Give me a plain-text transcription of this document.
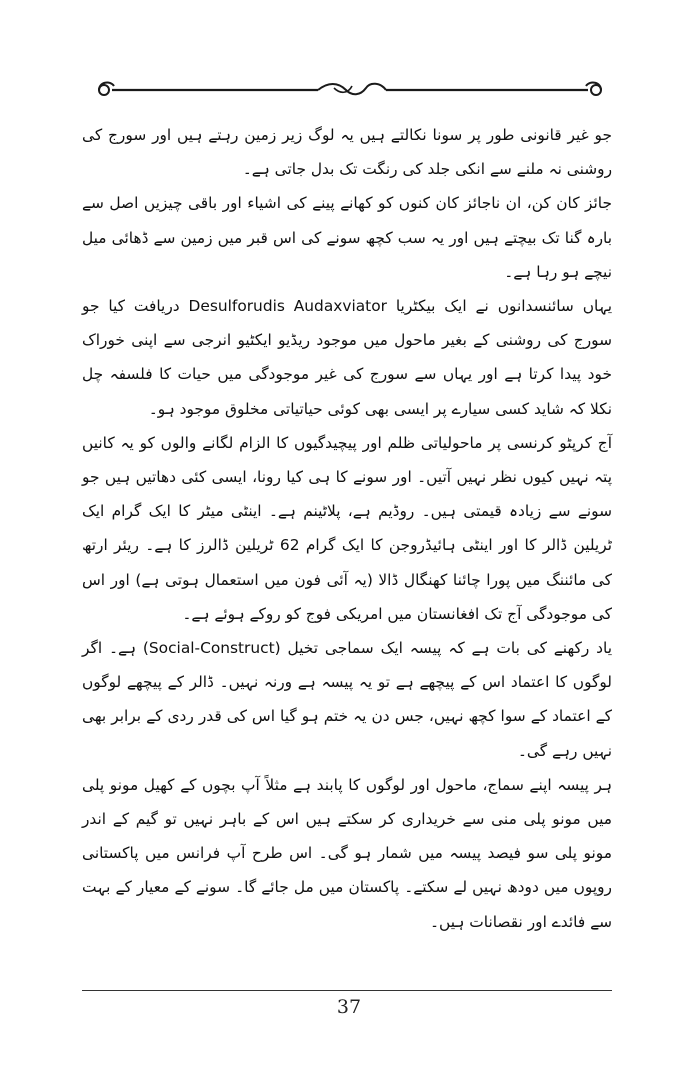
جو غیر قانونی طور پر سونا نکالتے ہیں یہ لوگ زیر زمین رہتے ہیں اور سورج کی روشنی نہ ملنے سے انکی جلد کی رنگت تک بدل جاتی ہے۔

جائز کان کن، ان ناجائز کان کنوں کو کھانے پینے کی اشیاء اور باقی چیزیں اصل سے بارہ گنا تک بیچتے ہیں اور یہ سب کچھ سونے کی اس قبر میں زمین سے ڈھائی میل نیچے ہو رہا ہے۔

یہاں سائنسدانوں نے ایک بیکٹریا Desulforudis Audaxviator دریافت کیا جو سورج کی روشنی کے بغیر ماحول میں موجود ریڈیو ایکٹیو انرجی سے اپنی خوراک خود پیدا کرتا ہے اور یہاں سے سورج کی غیر موجودگی میں حیات کا فلسفہ چل نکلا کہ شاید کسی سیارے پر ایسی بھی کوئی حیاتیاتی مخلوق موجود ہو۔

آج کرپٹو کرنسی پر ماحولیاتی ظلم اور پیچیدگیوں کا الزام لگانے والوں کو یہ کانیں پتہ نہیں کیوں نظر نہیں آتیں۔ اور سونے کا ہی کیا رونا، ایسی کئی دھاتیں ہیں جو سونے سے زیادہ قیمتی ہیں۔ روڈیم ہے، پلاٹینم ہے۔ اینٹی میٹر کا ایک گرام ایک ٹریلین ڈالر کا اور اینٹی ہائیڈروجن کا ایک گرام 62 ٹریلین ڈالرز کا ہے۔ ریئر ارتھ کی مائننگ میں پورا چائنا کھنگال ڈالا (یہ آئی فون میں استعمال ہوتی ہے) اور اس کی موجودگی آج تک افغانستان میں امریکی فوج کو روکے ہوئے ہے۔

یاد رکھنے کی بات ہے کہ پیسہ ایک سماجی تخیل (Social-Construct) ہے۔ اگر لوگوں کا اعتماد اس کے پیچھے ہے تو یہ پیسہ ہے ورنہ نہیں۔ ڈالر کے پیچھے لوگوں کے اعتماد کے سوا کچھ نہیں، جس دن یہ ختم ہو گیا اس کی قدر ردی کے برابر بھی نہیں رہے گی۔

ہر پیسہ اپنے سماج، ماحول اور لوگوں کا پابند ہے مثلاً آپ بچوں کے کھیل مونو پلی میں مونو پلی منی سے خریداری کر سکتے ہیں اس کے باہر نہیں تو گیم کے اندر مونو پلی سو فیصد پیسہ میں شمار ہو گی۔ اس طرح آپ فرانس میں پاکستانی روپوں میں دودھ نہیں لے سکتے۔ پاکستان میں مل جائے گا۔ سونے کے معیار کے بہت سے فائدے اور نقصانات ہیں۔

37
